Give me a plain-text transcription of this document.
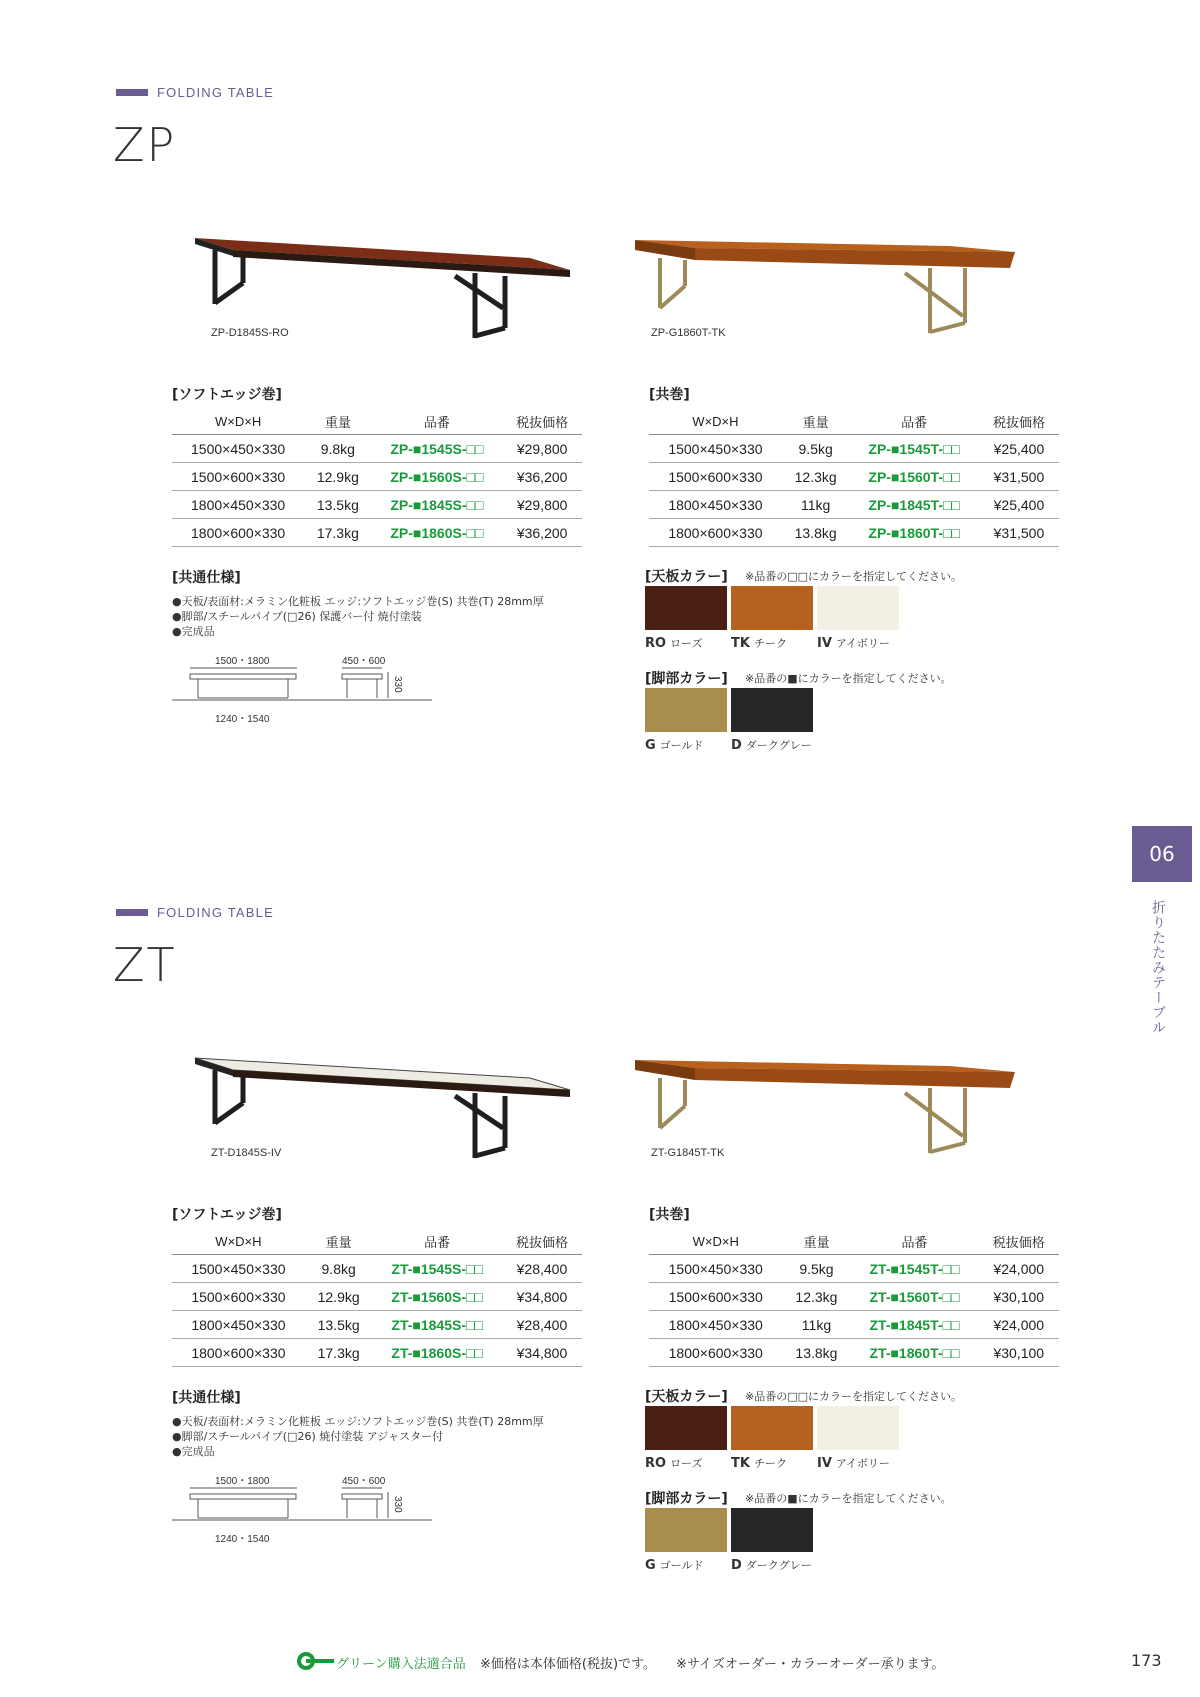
FOLDING TABLE
ZP
ZP-D1845S-RO	ZP-G1860T-TK
[ソフトエッジ巻]
W×D×H	重量	品番	税抜価格
1500×450×330	9.8kg	ZP-■1545S-□□	¥29,800
1500×600×330	12.9kg	ZP-■1560S-□□	¥36,200
1800×450×330	13.5kg	ZP-■1845S-□□	¥29,800
1800×600×330	17.3kg	ZP-■1860S-□□	¥36,200
[共巻]
W×D×H	重量	品番	税抜価格
1500×450×330	9.5kg	ZP-■1545T-□□	¥25,400
1500×600×330	12.3kg	ZP-■1560T-□□	¥31,500
1800×450×330	11kg	ZP-■1845T-□□	¥25,400
1800×600×330	13.8kg	ZP-■1860T-□□	¥31,500
[共通仕様]
●天板/表面材:メラミン化粧板 エッジ:ソフトエッジ巻(S) 共巻(T) 28mm厚
●脚部/スチールパイプ(□26) 保護バー付 焼付塗装
●完成品
1500・1800	450・600
330
1240・1540
[天板カラー] ※品番の□□にカラーを指定してください。
RO ローズ	TK チーク	IV アイボリー
[脚部カラー] ※品番の■にカラーを指定してください。
G ゴールド	D ダークグレー
FOLDING TABLE
ZT
ZT-D1845S-IV	ZT-G1845T-TK
[ソフトエッジ巻]
W×D×H	重量	品番	税抜価格
1500×450×330	9.8kg	ZT-■1545S-□□	¥28,400
1500×600×330	12.9kg	ZT-■1560S-□□	¥34,800
1800×450×330	13.5kg	ZT-■1845S-□□	¥28,400
1800×600×330	17.3kg	ZT-■1860S-□□	¥34,800
[共巻]
W×D×H	重量	品番	税抜価格
1500×450×330	9.5kg	ZT-■1545T-□□	¥24,000
1500×600×330	12.3kg	ZT-■1560T-□□	¥30,100
1800×450×330	11kg	ZT-■1845T-□□	¥24,000
1800×600×330	13.8kg	ZT-■1860T-□□	¥30,100
[共通仕様]
●天板/表面材:メラミン化粧板 エッジ:ソフトエッジ巻(S) 共巻(T) 28mm厚
●脚部/スチールパイプ(□26) 焼付塗装 アジャスター付
●完成品
1500・1800	450・600
330
1240・1540
[天板カラー] ※品番の□□にカラーを指定してください。
RO ローズ	TK チーク	IV アイボリー
[脚部カラー] ※品番の■にカラーを指定してください。
G ゴールド	D ダークグレー
06
折りたたみテーブル
グリーン購入法適合品 ※価格は本体価格(税抜)です。 ※サイズオーダー・カラーオーダー承ります。	173
